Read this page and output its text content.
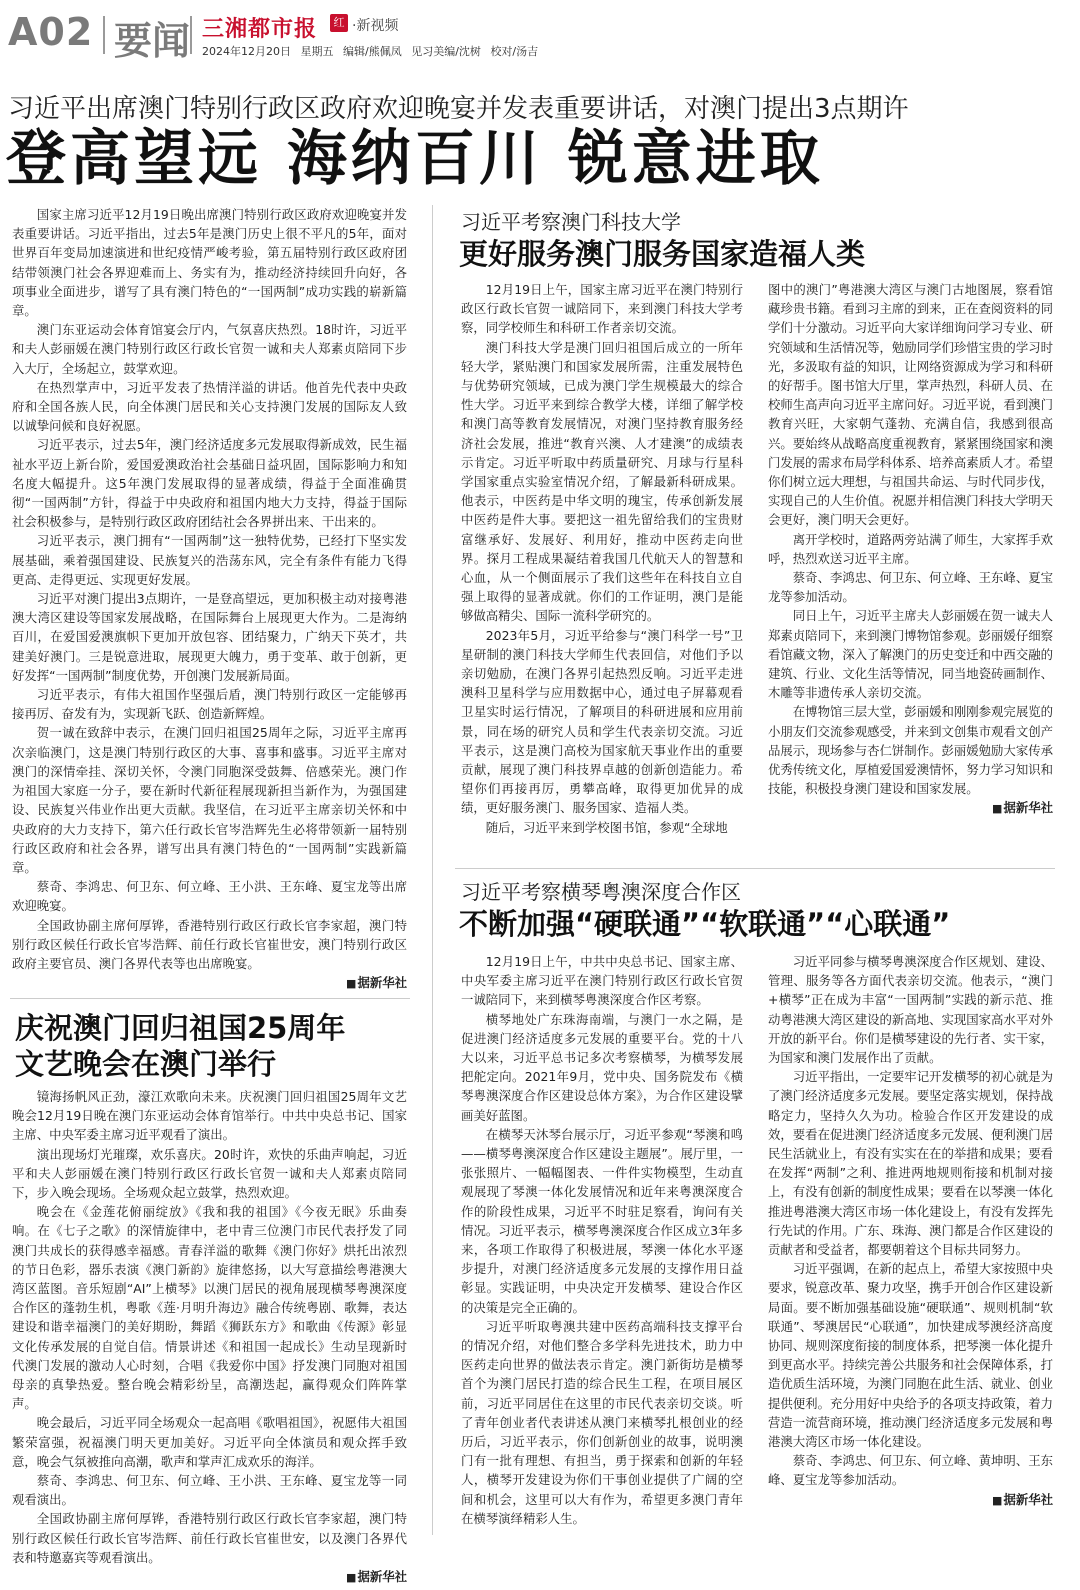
A02 要闻 三湘都市报	红 ·新视频
2024年12月20日 星期五 编辑/熊佩凤 见习美编/沈树 校对/汤吉
习近平出席澳门特别行政区政府欢迎晚宴并发表重要讲话，对澳门提出3点期许
登高望远 海纳百川 锐意进取

国家主席习近平12月19日晚出席澳门特别行政区政府欢迎晚宴并发表重要讲话。习近平指出，过去5年是澳门历史上很不平凡的5年，面对世界百年变局加速演进和世纪疫情严峻考验，第五届特别行政区政府团结带领澳门社会各界迎难而上、务实有为，推动经济持续回升向好，各项事业全面进步，谱写了具有澳门特色的“一国两制”成功实践的崭新篇章。

澳门东亚运动会体育馆宴会厅内，气氛喜庆热烈。18时许，习近平和夫人彭丽媛在澳门特别行政区行政长官贺一诚和夫人郑素贞陪同下步入大厅，全场起立，鼓掌欢迎。

在热烈掌声中，习近平发表了热情洋溢的讲话。他首先代表中央政府和全国各族人民，向全体澳门居民和关心支持澳门发展的国际友人致以诚挚问候和良好祝愿。

习近平表示，过去5年，澳门经济适度多元发展取得新成效，民生福祉水平迈上新台阶，爱国爱澳政治社会基础日益巩固，国际影响力和知名度大幅提升。这5年澳门发展取得的显著成绩，得益于全面准确贯彻“一国两制”方针，得益于中央政府和祖国内地大力支持，得益于国际社会积极参与，是特别行政区政府团结社会各界拼出来、干出来的。

习近平表示，澳门拥有“一国两制”这一独特优势，已经打下坚实发展基础，乘着强国建设、民族复兴的浩荡东风，完全有条件有能力飞得更高、走得更远、实现更好发展。

习近平对澳门提出3点期许，一是登高望远，更加积极主动对接粤港澳大湾区建设等国家发展战略，在国际舞台上展现更大作为。二是海纳百川，在爱国爱澳旗帜下更加开放包容、团结聚力，广纳天下英才，共建美好澳门。三是锐意进取，展现更大魄力，勇于变革、敢于创新，更好发挥“一国两制”制度优势，开创澳门发展新局面。

习近平表示，有伟大祖国作坚强后盾，澳门特别行政区一定能够再接再厉、奋发有为，实现新飞跃、创造新辉煌。

贺一诚在致辞中表示，在澳门回归祖国25周年之际，习近平主席再次亲临澳门，这是澳门特别行政区的大事、喜事和盛事。习近平主席对澳门的深情牵挂、深切关怀，令澳门同胞深受鼓舞、倍感荣光。澳门作为祖国大家庭一分子，要在新时代新征程展现新担当新作为，为强国建设、民族复兴伟业作出更大贡献。我坚信，在习近平主席亲切关怀和中央政府的大力支持下，第六任行政长官岑浩辉先生必将带领新一届特别行政区政府和社会各界，谱写出具有澳门特色的“一国两制”实践新篇章。

蔡奇、李鸿忠、何卫东、何立峰、王小洪、王东峰、夏宝龙等出席欢迎晚宴。

全国政协副主席何厚铧，香港特别行政区行政长官李家超，澳门特别行政区候任行政长官岑浩辉、前任行政长官崔世安，澳门特别行政区政府主要官员、澳门各界代表等也出席晚宴。

■ 据新华社
习近平考察澳门科技大学
更好服务澳门服务国家造福人类

12月19日上午，国家主席习近平在澳门特别行政区行政长官贺一诚陪同下，来到澳门科技大学考察，同学校师生和科研工作者亲切交流。

澳门科技大学是澳门回归祖国后成立的一所年轻大学，紧贴澳门和国家发展所需，注重发展特色与优势研究领域，已成为澳门学生规模最大的综合性大学。习近平来到综合教学大楼，详细了解学校和澳门高等教育发展情况，对澳门坚持教育服务经济社会发展，推进“教育兴澳、人才建澳”的成绩表示肯定。习近平听取中药质量研究、月球与行星科学国家重点实验室情况介绍，了解最新科研成果。他表示，中医药是中华文明的瑰宝，传承创新发展中医药是件大事。要把这一祖先留给我们的宝贵财富继承好、发展好、利用好，推动中医药走向世界。探月工程成果凝结着我国几代航天人的智慧和心血，从一个侧面展示了我们这些年在科技自立自强上取得的显著成就。你们的工作证明，澳门是能够做高精尖、国际一流科学研究的。

2023年5月，习近平给参与“澳门科学一号”卫星研制的澳门科技大学师生代表回信，对他们予以亲切勉励，在澳门各界引起热烈反响。习近平走进澳科卫星科学与应用数据中心，通过电子屏幕观看卫星实时运行情况，了解项目的科研进展和应用前景，同在场的研究人员和学生代表亲切交流。习近平表示，这是澳门高校为国家航天事业作出的重要贡献，展现了澳门科技界卓越的创新创造能力。希望你们再接再厉，勇攀高峰，取得更加优异的成绩，更好服务澳门、服务国家、造福人类。

随后，习近平来到学校图书馆，参观“全球地

图中的澳门”粤港澳大湾区与澳门古地图展，察看馆藏珍贵书籍。看到习主席的到来，正在查阅资料的同学们十分激动。习近平向大家详细询问学习专业、研究领域和生活情况等，勉励同学们珍惜宝贵的学习时光，多汲取有益的知识，让网络资源成为学习和科研的好帮手。图书馆大厅里，掌声热烈，科研人员、在校师生高声向习近平主席问好。习近平说，看到澳门教育兴旺，大家朝气蓬勃、充满自信，我感到很高兴。要始终从战略高度重视教育，紧紧围绕国家和澳门发展的需求布局学科体系、培养高素质人才。希望你们树立远大理想，与祖国共命运、与时代同步伐，实现自己的人生价值。祝愿并相信澳门科技大学明天会更好，澳门明天会更好。

离开学校时，道路两旁站满了师生，大家挥手欢呼，热烈欢送习近平主席。

蔡奇、李鸿忠、何卫东、何立峰、王东峰、夏宝龙等参加活动。

同日上午，习近平主席夫人彭丽媛在贺一诚夫人郑素贞陪同下，来到澳门博物馆参观。彭丽媛仔细察看馆藏文物，深入了解澳门的历史变迁和中西交融的建筑、行业、文化生活等情况，同当地瓷砖画制作、木雕等非遗传承人亲切交流。

在博物馆三层大堂，彭丽媛和刚刚参观完展览的小朋友们交流参观感受，并来到文创集市观看文创产品展示，现场参与杏仁饼制作。彭丽媛勉励大家传承优秀传统文化，厚植爱国爱澳情怀，努力学习知识和技能，积极投身澳门建设和国家发展。

■ 据新华社
庆祝澳门回归祖国25周年
文艺晚会在澳门举行

镜海扬帆风正劲，濠江欢歌向未来。庆祝澳门回归祖国25周年文艺晚会12月19日晚在澳门东亚运动会体育馆举行。中共中央总书记、国家主席、中央军委主席习近平观看了演出。

演出现场灯光璀璨，欢乐喜庆。20时许，欢快的乐曲声响起，习近平和夫人彭丽媛在澳门特别行政区行政长官贺一诚和夫人郑素贞陪同下，步入晚会现场。全场观众起立鼓掌，热烈欢迎。

晚会在《金莲花俯丽绽放》《我和我的祖国》《今夜无眠》乐曲奏响。在《七子之歌》的深情旋律中，老中青三位澳门市民代表抒发了同澳门共成长的获得感幸福感。青春洋溢的歌舞《澳门你好》烘托出浓烈的节日色彩，器乐表演《澳门新韵》旋律悠扬，以大写意描绘粤港澳大湾区蓝图。音乐短剧“AI”上横琴》以澳门居民的视角展现横琴粤澳深度合作区的蓬勃生机，粤歌《莲·月明升海边》融合传统粤剧、歌舞，表达建设和谐幸福澳门的美好期盼，舞蹈《狮跃东方》和歌曲《传源》彰显文化传承发展的自觉自信。情景讲述《和祖国一起成长》生动呈现新时代澳门发展的激动人心时刻，合唱《我爱你中国》抒发澳门同胞对祖国母亲的真挚热爱。整台晚会精彩纷呈，高潮迭起，赢得观众们阵阵掌声。

晚会最后，习近平同全场观众一起高唱《歌唱祖国》，祝愿伟大祖国繁荣富强，祝福澳门明天更加美好。习近平向全体演员和观众挥手致意，晚会气氛被推向高潮，歌声和掌声汇成欢乐的海洋。

蔡奇、李鸿忠、何卫东、何立峰、王小洪、王东峰、夏宝龙等一同观看演出。

全国政协副主席何厚铧，香港特别行政区行政长官李家超，澳门特别行政区候任行政长官岑浩辉、前任行政长官崔世安，以及澳门各界代表和特邀嘉宾等观看演出。

■ 据新华社
习近平考察横琴粤澳深度合作区
不断加强“硬联通”“软联通”“心联通”

12月19日上午，中共中央总书记、国家主席、中央军委主席习近平在澳门特别行政区行政长官贺一诚陪同下，来到横琴粤澳深度合作区考察。

横琴地处广东珠海南端，与澳门一水之隔，是促进澳门经济适度多元发展的重要平台。党的十八大以来，习近平总书记多次考察横琴，为横琴发展把舵定向。2021年9月，党中央、国务院发布《横琴粤澳深度合作区建设总体方案》，为合作区建设擘画美好蓝图。

在横琴天沐琴台展示厅，习近平参观“琴澳和鸣——横琴粤澳深度合作区建设主题展”。展厅里，一张张照片、一幅幅图表、一件件实物模型，生动直观展现了琴澳一体化发展情况和近年来粤澳深度合作的阶段性成果，习近平不时驻足察看，询问有关情况。习近平表示，横琴粤澳深度合作区成立3年多来，各项工作取得了积极进展，琴澳一体化水平逐步提升，对澳门经济适度多元发展的支撑作用日益彰显。实践证明，中央决定开发横琴、建设合作区的决策是完全正确的。

习近平听取粤澳共建中医药高端科技支撑平台的情况介绍，对他们整合多学科先进技术，助力中医药走向世界的做法表示肯定。澳门新街坊是横琴首个为澳门居民打造的综合民生工程，在项目展区前，习近平同居住在这里的市民代表亲切交谈。听了青年创业者代表讲述从澳门来横琴扎根创业的经历后，习近平表示，你们创新创业的故事，说明澳门有一批有理想、有担当，勇于探索和创新的年轻人，横琴开发建设为你们干事创业提供了广阔的空间和机会，这里可以大有作为，希望更多澳门青年在横琴演绎精彩人生。

习近平同参与横琴粤澳深度合作区规划、建设、管理、服务等各方面代表亲切交流。他表示，“澳门+横琴”正在成为丰富“一国两制”实践的新示范、推动粤港澳大湾区建设的新高地、实现国家高水平对外开放的新平台。你们是横琴建设的先行者、实干家，为国家和澳门发展作出了贡献。

习近平指出，一定要牢记开发横琴的初心就是为了澳门经济适度多元发展。要坚定落实规划，保持战略定力，坚持久久为功。检验合作区开发建设的成效，要看在促进澳门经济适度多元发展、便利澳门居民生活就业上，有没有实实在在的举措和成果；要看在发挥“两制”之利、推进两地规则衔接和机制对接上，有没有创新的制度性成果；要看在以琴澳一体化推进粤港澳大湾区市场一体化建设上，有没有发挥先行先试的作用。广东、珠海、澳门都是合作区建设的贡献者和受益者，都要朝着这个目标共同努力。

习近平强调，在新的起点上，希望大家按照中央要求，锐意改革、聚力攻坚，携手开创合作区建设新局面。要不断加强基础设施“硬联通”、规则机制“软联通”、琴澳居民“心联通”，加快建成琴澳经济高度协同、规则深度衔接的制度体系，把琴澳一体化提升到更高水平。持续完善公共服务和社会保障体系，打造优质生活环境，为澳门同胞在此生活、就业、创业提供便利。充分用好中央给予的各项支持政策，着力营造一流营商环境，推动澳门经济适度多元发展和粤港澳大湾区市场一体化建设。

蔡奇、李鸿忠、何卫东、何立峰、黄坤明、王东峰、夏宝龙等参加活动。

■ 据新华社
